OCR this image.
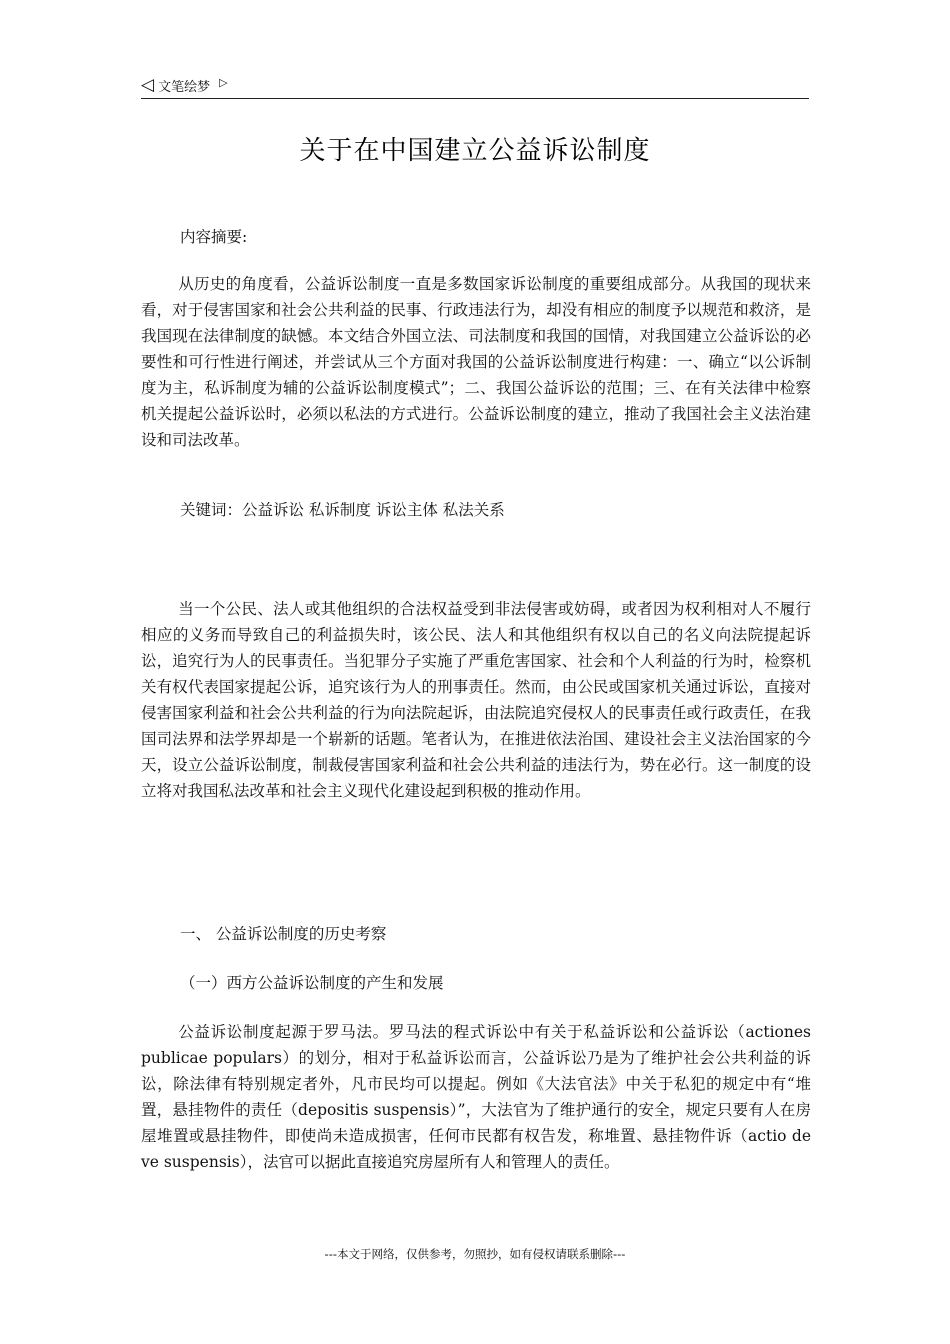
◁ 文笔绘梦 ▷
关于在中国建立公益诉讼制度

内容摘要:

从历史的角度看，公益诉讼制度一直是多数国家诉讼制度的重要组成部分。从我国的现状来看，对于侵害国家和社会公共利益的民事、行政违法行为，却没有相应的制度予以规范和救济，是我国现在法律制度的缺憾。本文结合外国立法、司法制度和我国的国情，对我国建立公益诉讼的必要性和可行性进行阐述，并尝试从三个方面对我国的公益诉讼制度进行构建：一、确立“以公诉制度为主，私诉制度为辅的公益诉讼制度模式”；二、我国公益诉讼的范围；三、在有关法律中检察机关提起公益诉讼时，必须以私法的方式进行。公益诉讼制度的建立，推动了我国社会主义法治建设和司法改革。

关键词：公益诉讼 私诉制度 诉讼主体 私法关系

当一个公民、法人或其他组织的合法权益受到非法侵害或妨碍，或者因为权利相对人不履行相应的义务而导致自己的利益损失时，该公民、法人和其他组织有权以自己的名义向法院提起诉讼，追究行为人的民事责任。当犯罪分子实施了严重危害国家、社会和个人利益的行为时，检察机关有权代表国家提起公诉，追究该行为人的刑事责任。然而，由公民或国家机关通过诉讼，直接对侵害国家利益和社会公共利益的行为向法院起诉，由法院追究侵权人的民事责任或行政责任，在我国司法界和法学界却是一个崭新的话题。笔者认为，在推进依法治国、建设社会主义法治国家的今天，设立公益诉讼制度，制裁侵害国家利益和社会公共利益的违法行为，势在必行。这一制度的设立将对我国私法改革和社会主义现代化建设起到积极的推动作用。

一、 公益诉讼制度的历史考察

（一）西方公益诉讼制度的产生和发展

公益诉讼制度起源于罗马法。罗马法的程式诉讼中有关于私益诉讼和公益诉讼（actiones publicae populars）的划分，相对于私益诉讼而言，公益诉讼乃是为了维护社会公共利益的诉讼，除法律有特别规定者外，凡市民均可以提起。例如《大法官法》中关于私犯的规定中有“堆置，悬挂物件的责任（depositis suspensis）”，大法官为了维护通行的安全，规定只要有人在房屋堆置或悬挂物件，即使尚未造成损害，任何市民都有权告发，称堆置、悬挂物件诉（actio de ve suspensis），法官可以据此直接追究房屋所有人和管理人的责任。

---本文于网络，仅供参考，勿照抄，如有侵权请联系删除---
